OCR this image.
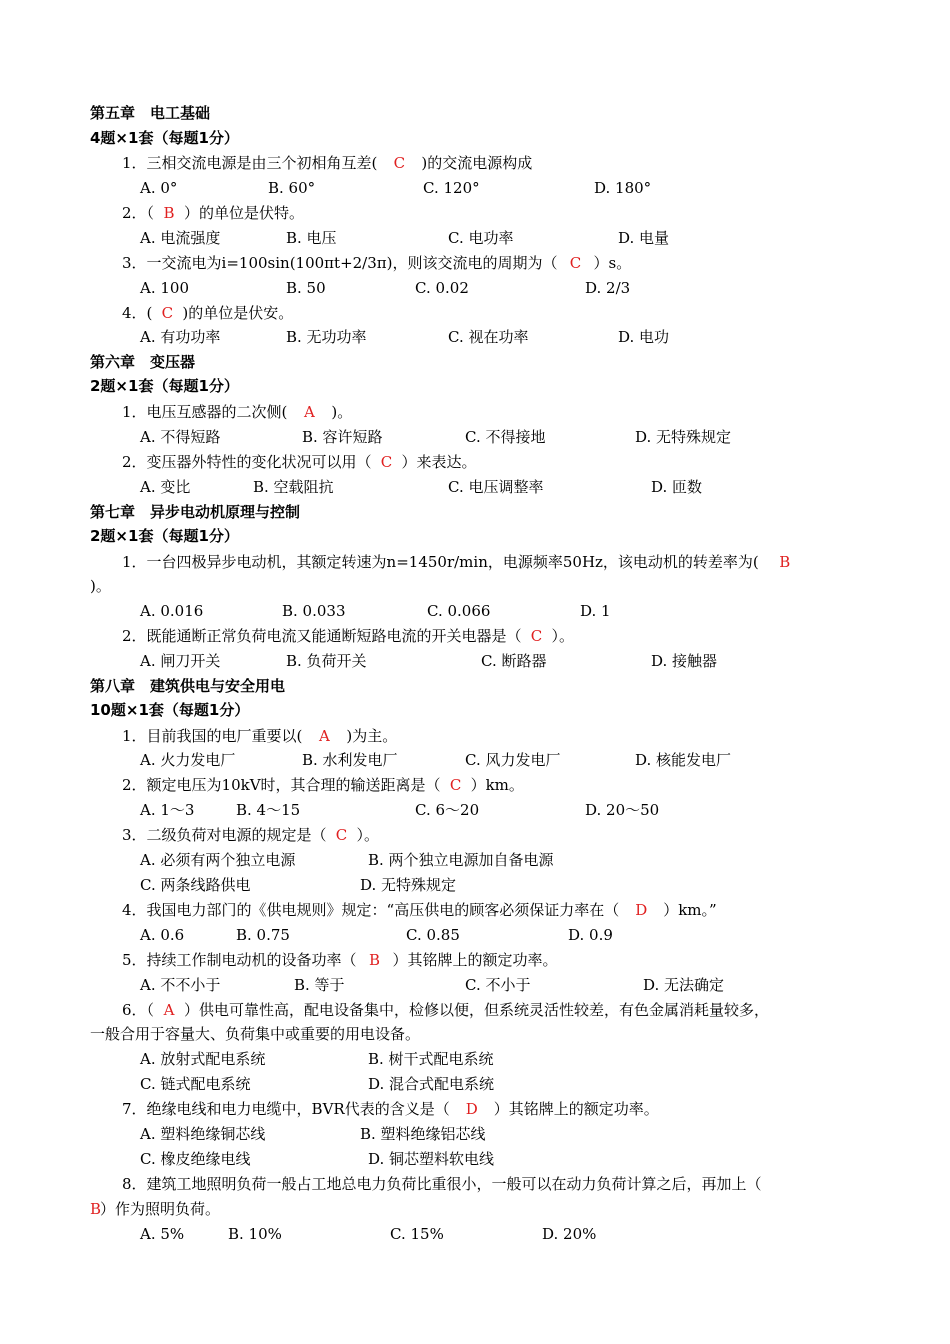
第五章　电工基础
4题×1套（每题1分）
1．三相交流电源是由三个初相角互差( C )的交流电源构成
A. 0°	B. 60°	C. 120°	D. 180°
2．（ B ）的单位是伏特。
A. 电流强度	B. 电压	C. 电功率	D. 电量
3．一交流电为i=100sin(100πt+2/3π)，则该交流电的周期为（ C ）s。
A. 100	B. 50	C. 0.02	D. 2/3
4．( C )的单位是伏安。
A. 有功功率	B. 无功功率	C. 视在功率	D. 电功
第六章　变压器
2题×1套（每题1分）
1．电压互感器的二次侧( A )。
A. 不得短路	B. 容许短路	C. 不得接地	D. 无特殊规定
2．变压器外特性的变化状况可以用（ C ）来表达。
A. 变比	B. 空载阻抗	C. 电压调整率	D. 匝数
第七章　异步电动机原理与控制
2题×1套（每题1分）
1．一台四极异步电动机，其额定转速为n=1450r/min，电源频率50Hz，该电动机的转差率为( B
)。
A. 0.016	B. 0.033	C. 0.066	D. 1
2．既能通断正常负荷电流又能通断短路电流的开关电器是（ C ）。
A. 闸刀开关	B. 负荷开关	C. 断路器	D. 接触器
第八章　建筑供电与安全用电
10题×1套（每题1分）
1．目前我国的电厂重要以( A )为主。
A. 火力发电厂	B. 水利发电厂	C. 风力发电厂	D. 核能发电厂
2．额定电压为10kV时，其合理的输送距离是（ C ）km。
A. 1～3	B. 4～15	C. 6～20	D. 20～50
3．二级负荷对电源的规定是（ C ）。
A. 必须有两个独立电源	B. 两个独立电源加自备电源
C. 两条线路供电	D. 无特殊规定
4．我国电力部门的《供电规则》规定：“高压供电的顾客必须保证力率在（ D ）km。”
A. 0.6	B. 0.75	C. 0.85	D. 0.9
5．持续工作制电动机的设备功率（ B ）其铭牌上的额定功率。
A. 不不小于	B. 等于	C. 不小于	D. 无法确定
6．（ A ）供电可靠性高，配电设备集中，检修以便，但系统灵活性较差，有色金属消耗量较多，
一般合用于容量大、负荷集中或重要的用电设备。
A. 放射式配电系统	B. 树干式配电系统
C. 链式配电系统	D. 混合式配电系统
7．绝缘电线和电力电缆中，BVR代表的含义是（ D ）其铭牌上的额定功率。
A. 塑料绝缘铜芯线	B. 塑料绝缘铝芯线
C. 橡皮绝缘电线	D. 铜芯塑料软电线
8．建筑工地照明负荷一般占工地总电力负荷比重很小，一般可以在动力负荷计算之后，再加上（
B）作为照明负荷。
A. 5%	B. 10%	C. 15%	D. 20%
